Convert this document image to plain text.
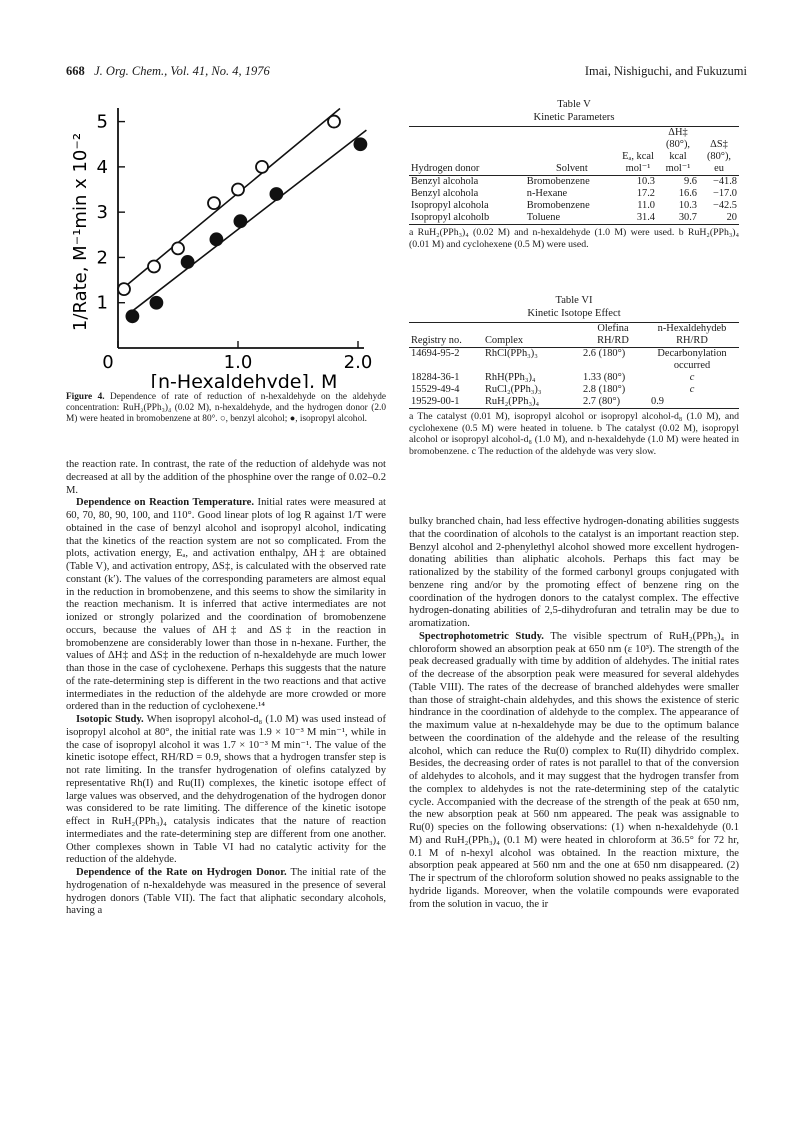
668 J. Org. Chem., Vol. 41, No. 4, 1976	Imai, Nishiguchi, and Fukuzumi
1
2
3
4
5
0	1.0	2.0
[n-Hexaldehyde], M
1/Rate, M⁻¹min x 10⁻²
Figure 4. Dependence of rate of reduction of n-hexaldehyde on the aldehyde concentration: RuH₂(PPh₃)₄ (0.02 M), n-hexaldehyde, and the hydrogen donor (2.0 M) were heated in bromobenzene at 80°. ○, benzyl alcohol; ●, isopropyl alcohol.
Table V
Kinetic Parameters
Hydrogen donor	Solvent	Eₐ, kcal mol⁻¹	ΔH‡ (80°), kcal mol⁻¹	ΔS‡ (80°), eu
Benzyl alcohola	Bromobenzene	10.3	9.6	−41.8
Benzyl alcohola	n-Hexane	17.2	16.6	−17.0
Isopropyl alcohola	Bromobenzene	11.0	10.3	−42.5
Isopropyl alcoholb	Toluene	31.4	30.7	20
a RuH₂(PPh₃)₄ (0.02 M) and n-hexaldehyde (1.0 M) were used. b RuH₂(PPh₃)₄ (0.01 M) and cyclohexene (0.5 M) were used.
Table VI
Kinetic Isotope Effect
Registry no.	Complex	Olefina RH/RD	n-Hexaldehydeb RH/RD
14694-95-2	RhCl(PPh₃)₃	2.6 (180°)	Decarbonylation occurred
18284-36-1	RhH(PPh₃)₄	1.33 (80°)	c
15529-49-4	RuCl₂(PPh₃)₃	2.8 (180°)	c
19529-00-1	RuH₂(PPh₃)₄	2.7 (80°)	0.9
a The catalyst (0.01 M), isopropyl alcohol or isopropyl alcohol-d₈ (1.0 M), and cyclohexene (0.5 M) were heated in toluene. b The catalyst (0.02 M), isopropyl alcohol or isopropyl alcohol-d₈ (1.0 M), and n-hexaldehyde (1.0 M) were heated in bromobenzene. c The reduction of the aldehyde was very slow.

the reaction rate. In contrast, the rate of the reduction of aldehyde was not decreased at all by the addition of the phosphine over the range of 0.02–0.2 M.

Dependence on Reaction Temperature. Initial rates were measured at 60, 70, 80, 90, 100, and 110°. Good linear plots of log R against 1/T were obtained in the case of benzyl alcohol and isopropyl alcohol, indicating that the kinetics of the reaction system are not so complicated. From the plots, activation energy, Eₐ, and activation enthalpy, ΔH‡ are obtained (Table V), and activation entropy, ΔS‡, is calculated with the observed rate constant (k′). The values of the corresponding parameters are almost equal in the reduction in bromobenzene, and this seems to show the similarity in the reaction mechanism. It is inferred that active intermediates are not ionized or strongly polarized and the coordination of bromobenzene occurs, because the values of ΔH‡ and ΔS‡ in the reaction in bromobenzene are considerably lower than those in n-hexane. Further, the values of ΔH‡ and ΔS‡ in the reduction of n-hexaldehyde are much lower than those in the case of cyclohexene. Perhaps this suggests that the nature of the rate-determining step is different in the two reactions and that active intermediates in the reduction of the aldehyde are more crowded or more ordered than in the reduction of cyclohexene.¹⁴

Isotopic Study. When isopropyl alcohol-d₈ (1.0 M) was used instead of isopropyl alcohol at 80°, the initial rate was 1.9 × 10⁻³ M min⁻¹, while in the case of isopropyl alcohol it was 1.7 × 10⁻³ M min⁻¹. The value of the kinetic isotope effect, RH/RD = 0.9, shows that a hydrogen transfer step is not rate limiting. In the transfer hydrogenation of olefins catalyzed by representative Rh(I) and Ru(II) complexes, the kinetic isotope effect of large values was observed, and the dehydrogenation of the hydrogen donor was considered to be rate limiting. The difference of the kinetic isotope effect in RuH₂(PPh₃)₄ catalysis indicates that the nature of reaction intermediates and the rate-determining step are different from one another. Other complexes shown in Table VI had no catalytic activity for the reduction of the aldehyde.

Dependence of the Rate on Hydrogen Donor. The initial rate of the hydrogenation of n-hexaldehyde was measured in the presence of several hydrogen donors (Table VII). The fact that aliphatic secondary alcohols, having a

bulky branched chain, had less effective hydrogen-donating abilities suggests that the coordination of alcohols to the catalyst is an important reaction step. Benzyl alcohol and 2-phenylethyl alcohol showed more excellent hydrogen-donating abilities than aliphatic alcohols. Perhaps this fact may be rationalized by the stability of the formed carbonyl groups conjugated with benzene ring and/or by the promoting effect of benzene ring on the coordination of the hydrogen donors to the catalyst complex. The effective hydrogen-donating abilities of 2,5-dihydrofuran and tetralin may be due to aromatization.

Spectrophotometric Study. The visible spectrum of RuH₂(PPh₃)₄ in chloroform showed an absorption peak at 650 nm (ε 10³). The strength of the peak decreased gradually with time by addition of aldehydes. The initial rates of the decrease of the absorption peak were measured for several aldehydes (Table VIII). The rates of the decrease of branched aldehydes were smaller than those of straight-chain aldehydes, and this shows the existence of steric hindrance in the coordination of aldehyde to the complex. The appearance of the maximum value at n-hexaldehyde may be due to the optimum balance between the coordination of the aldehyde and the release of the resulting alcohol, which can reduce the Ru(0) complex to Ru(II) dihydrido complex. Besides, the decreasing order of rates is not parallel to that of the conversion of aldehydes to alcohols, and it may suggest that the hydrogen transfer from the complex to aldehydes is not the rate-determining step of the catalytic cycle. Accompanied with the decrease of the strength of the peak at 650 nm, the new absorption peak at 560 nm appeared. The peak was assignable to Ru(0) species on the following observations: (1) when n-hexaldehyde (0.1 M) and RuH₂(PPh₃)₄ (0.1 M) were heated in chloroform at 36.5° for 72 hr, 0.1 M of n-hexyl alcohol was obtained. In the reaction mixture, the absorption peak appeared at 560 nm and the one at 650 nm disappeared. (2) The ir spectrum of the chloroform solution showed no peaks assignable to the hydride ligands. Moreover, when the volatile compounds were evaporated from the solution in vacuo, the ir
